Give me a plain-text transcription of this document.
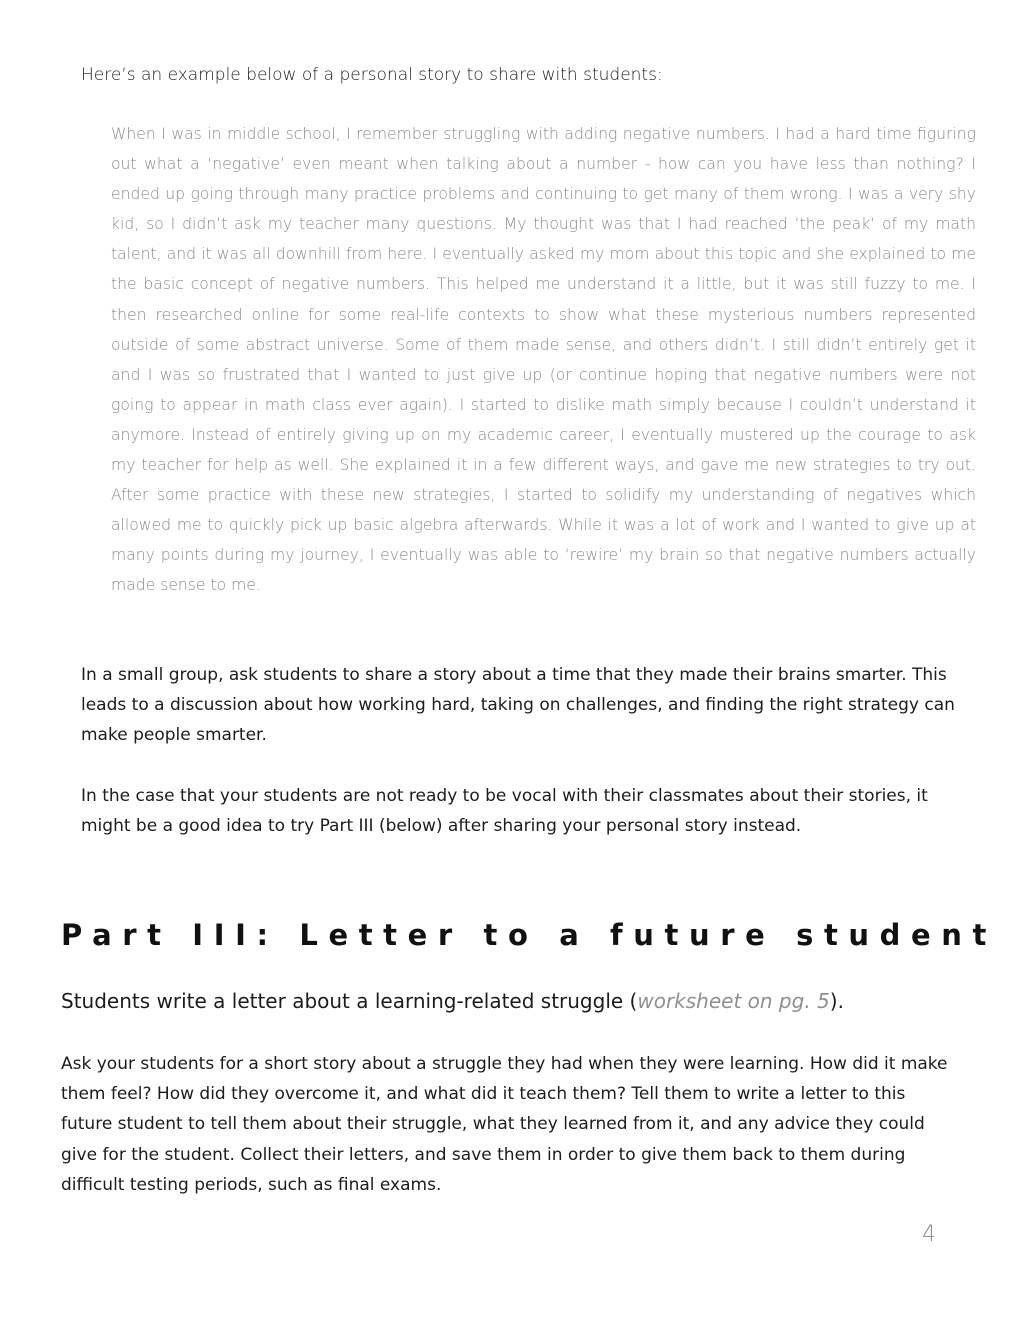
Here’s an example below of a personal story to share with students:

When I was in middle school, I remember struggling with adding negative numbers. I had a hard time figuring out what a ‘negative’ even meant when talking about a number - how can you have less than nothing? I ended up going through many practice problems and continuing to get many of them wrong. I was a very shy kid, so I didn’t ask my teacher many questions. My thought was that I had reached ‘the peak’ of my math talent, and it was all downhill from here. I eventually asked my mom about this topic and she explained to me the basic concept of negative numbers. This helped me understand it a little, but it was still fuzzy to me. I then researched online for some real-life contexts to show what these mysterious numbers represented outside of some abstract universe. Some of them made sense, and others didn’t. I still didn’t entirely get it and I was so frustrated that I wanted to just give up (or continue hoping that negative numbers were not going to appear in math class ever again). I started to dislike math simply because I couldn’t understand it anymore. Instead of entirely giving up on my academic career, I eventually mustered up the courage to ask my teacher for help as well. She explained it in a few different ways, and gave me new strategies to try out. After some practice with these new strategies, I started to solidify my understanding of negatives which allowed me to quickly pick up basic algebra afterwards. While it was a lot of work and I wanted to give up at many points during my journey, I eventually was able to ‘rewire’ my brain so that negative numbers actually made sense to me.

In a small group, ask students to share a story about a time that they made their brains smarter. This leads to a discussion about how working hard, taking on challenges, and finding the right strategy can make people smarter.

In the case that your students are not ready to be vocal with their classmates about their stories, it might be a good idea to try Part III (below) after sharing your personal story instead.

Part III: Letter to a future student

Students write a letter about a learning-related struggle (worksheet on pg. 5).

Ask your students for a short story about a struggle they had when they were learning. How did it make them feel? How did they overcome it, and what did it teach them? Tell them to write a letter to this future student to tell them about their struggle, what they learned from it, and any advice they could give for the student. Collect their letters, and save them in order to give them back to them during difficult testing periods, such as final exams.

4
